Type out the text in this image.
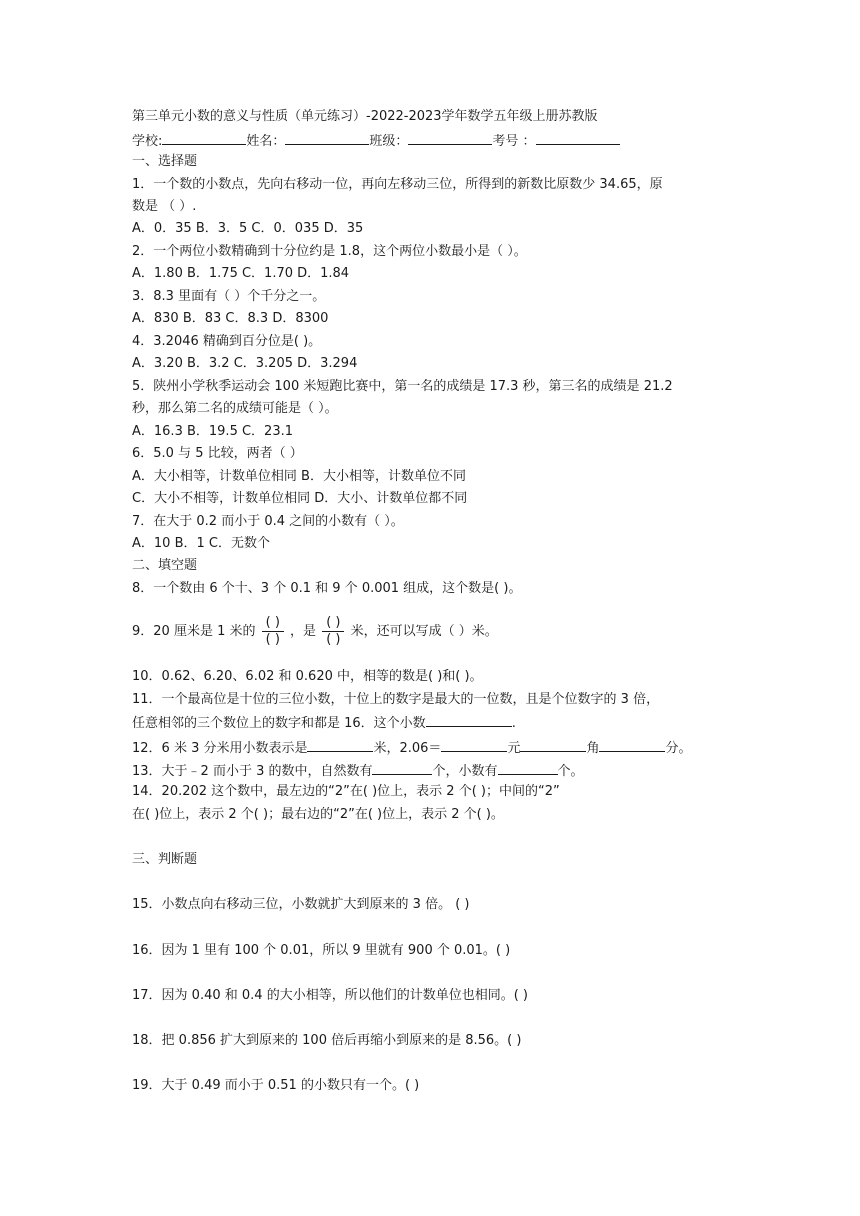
第三单元小数的意义与性质（单元练习）-2022-2023学年数学五年级上册苏教版
学校:	姓名：	班级：	考号 ：
一、选择题
1．一个数的小数点，先向右移动一位，再向左移动三位，所得到的新数比原数少 34.65，原
数是 （ ）.
A．0．35 B．3．5 C．0．035 D．35
2．一个两位小数精确到十分位约是 1.8，这个两位小数最小是（ ）。
A．1.80 B．1.75 C．1.70 D．1.84
3．8.3 里面有（ ）个千分之一。
A．830 B．83 C．8.3 D．8300
4．3.2046 精确到百分位是( )。
A．3.20 B．3.2 C．3.205 D．3.294
5．陕州小学秋季运动会 100 米短跑比赛中，第一名的成绩是 17.3 秒，第三名的成绩是 21.2
秒，那么第二名的成绩可能是（ ）。
A．16.3 B．19.5 C．23.1
6．5.0 与 5 比较，两者（ ）
A．大小相等，计数单位相同 B．大小相等，计数单位不同
C．大小不相等，计数单位相同 D．大小、计数单位都不同
7．在大于 0.2 而小于 0.4 之间的小数有（ ）。
A．10 B．1 C．无数个
二、填空题
8．一个数由 6 个十、3 个 0.1 和 9 个 0.001 组成，这个数是( )。
9．20 厘米是 1 米的 $\frac{( )}{( )}$ ，是 $\frac{( )}{( )}$ 米，还可以写成（ ）米。
10．0.62、6.20、6.02 和 0.620 中，相等的数是( )和( )。
11．一个最高位是十位的三位小数，十位上的数字是最大的一位数，且是个位数字的 3 倍，
任意相邻的三个数位上的数字和都是 16．这个小数	.
12．6 米 3 分米用小数表示是	米，2.06＝	元	角	分。
13．大于﹣2 而小于 3 的数中，自然数有	个，小数有	个。
14．20.202 这个数中，最左边的“2”在( )位上，表示 2 个( )；中间的“2”
在( )位上，表示 2 个( )；最右边的“2”在( )位上，表示 2 个( )。
三、判断题
15．小数点向右移动三位，小数就扩大到原来的 3 倍。 ( )
16．因为 1 里有 100 个 0.01，所以 9 里就有 900 个 0.01。( )
17．因为 0.40 和 0.4 的大小相等，所以他们的计数单位也相同。( )
18．把 0.856 扩大到原来的 100 倍后再缩小到原来的是 8.56。( )
19．大于 0.49 而小于 0.51 的小数只有一个。( )
